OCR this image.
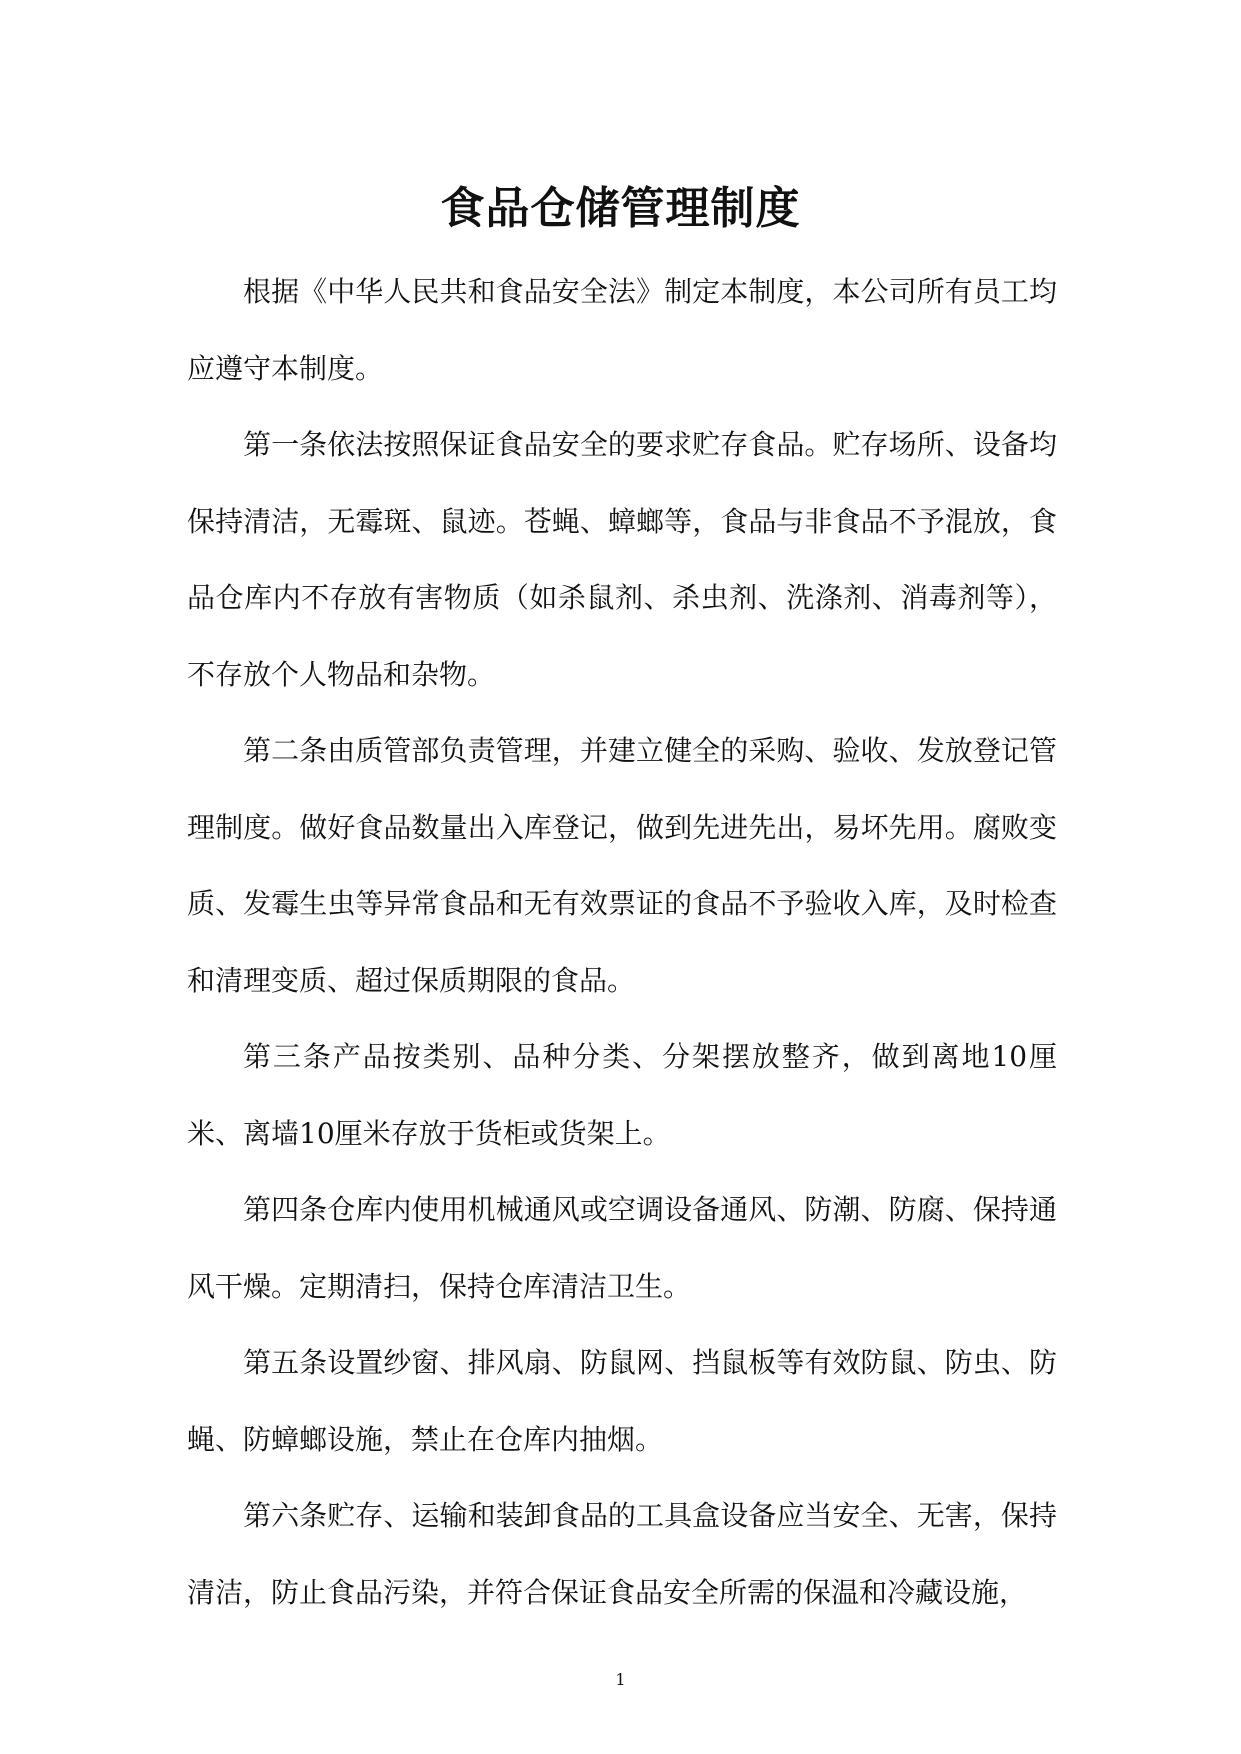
食品仓储管理制度

根据《中华人民共和食品安全法》制定本制度，本公司所有员工均应遵守本制度。

第一条依法按照保证食品安全的要求贮存食品。贮存场所、设备均保持清洁，无霉斑、鼠迹。苍蝇、蟑螂等，食品与非食品不予混放，食品仓库内不存放有害物质（如杀鼠剂、杀虫剂、洗涤剂、消毒剂等），不存放个人物品和杂物。

第二条由质管部负责管理，并建立健全的采购、验收、发放登记管理制度。做好食品数量出入库登记，做到先进先出，易坏先用。腐败变质、发霉生虫等异常食品和无有效票证的食品不予验收入库，及时检查和清理变质、超过保质期限的食品。

第三条产品按类别、品种分类、分架摆放整齐，做到离地10厘米、离墙10厘米存放于货柜或货架上。

第四条仓库内使用机械通风或空调设备通风、防潮、防腐、保持通风干燥。定期清扫，保持仓库清洁卫生。

第五条设置纱窗、排风扇、防鼠网、挡鼠板等有效防鼠、防虫、防蝇、防蟑螂设施，禁止在仓库内抽烟。

第六条贮存、运输和装卸食品的工具盒设备应当安全、无害，保持清洁，防止食品污染，并符合保证食品安全所需的保温和冷藏设施，

1
